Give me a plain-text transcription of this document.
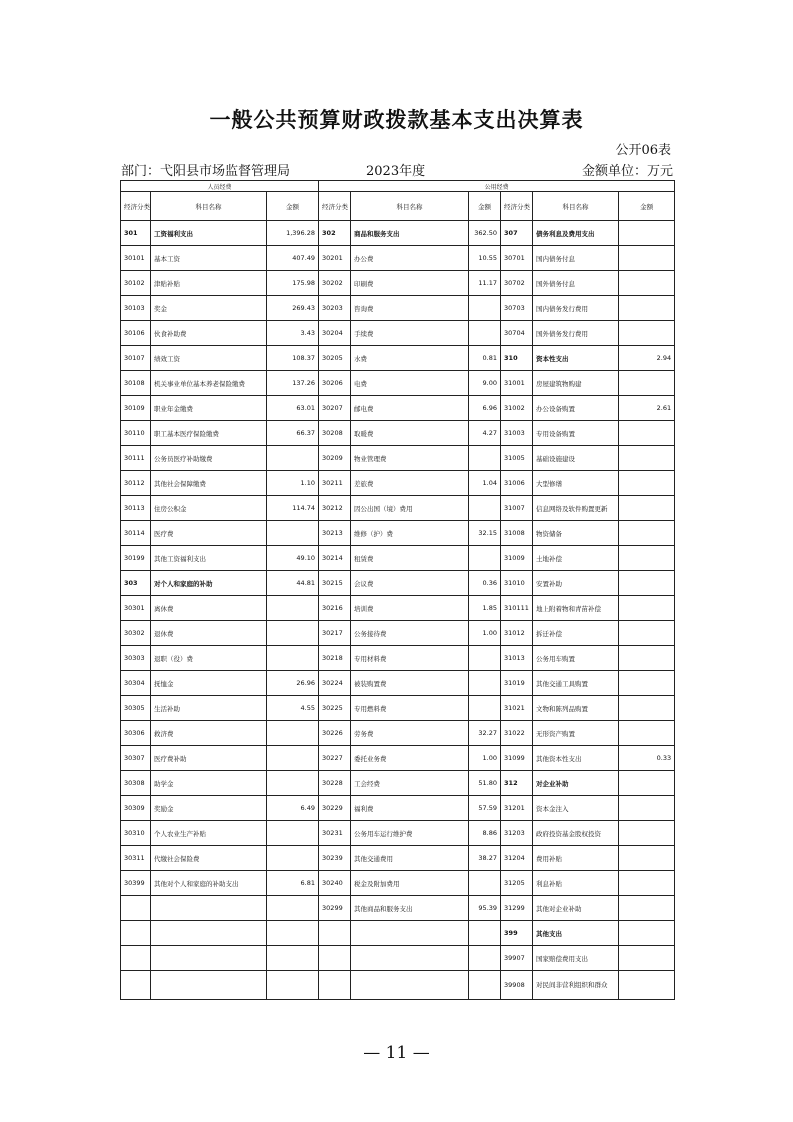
一般公共预算财政拨款基本支出决算表
公开06表
部门：弋阳县市场监督管理局	2023年度	金额单位：万元
人员经费			公用经费					
经济分类	科目名称	金额	经济分类	科目名称	金额	经济分类	科目名称	金额
301	工资福利支出	1,396.28	302	商品和服务支出	362.50	307	债务利息及费用支出	
30101	基本工资	407.49	30201	办公费	10.55	30701	国内债务付息	
30102	津贴补贴	175.98	30202	印刷费	11.17	30702	国外债务付息	
30103	奖金	269.43	30203	咨询费		30703	国内债务发行费用	
30106	伙食补助费	3.43	30204	手续费		30704	国外债务发行费用	
30107	绩效工资	108.37	30205	水费	0.81	310	资本性支出	2.94
30108	机关事业单位基本养老保险缴费	137.26	30206	电费	9.00	31001	房屋建筑物购建	
30109	职业年金缴费	63.01	30207	邮电费	6.96	31002	办公设备购置	2.61
30110	职工基本医疗保险缴费	66.37	30208	取暖费	4.27	31003	专用设备购置	
30111	公务员医疗补助缴费		30209	物业管理费		31005	基础设施建设	
30112	其他社会保障缴费	1.10	30211	差旅费	1.04	31006	大型修缮	
30113	住房公积金	114.74	30212	因公出国（境）费用		31007	信息网络及软件购置更新	
30114	医疗费		30213	维修（护）费	32.15	31008	物资储备	
30199	其他工资福利支出	49.10	30214	租赁费		31009	土地补偿	
303	对个人和家庭的补助	44.81	30215	会议费	0.36	31010	安置补助	
30301	离休费		30216	培训费	1.85	310111	地上附着物和青苗补偿	
30302	退休费		30217	公务接待费	1.00	31012	拆迁补偿	
30303	退职（役）费		30218	专用材料费		31013	公务用车购置	
30304	抚恤金	26.96	30224	被装购置费		31019	其他交通工具购置	
30305	生活补助	4.55	30225	专用燃料费		31021	文物和陈列品购置	
30306	救济费		30226	劳务费	32.27	31022	无形资产购置	
30307	医疗费补助		30227	委托业务费	1.00	31099	其他资本性支出	0.33
30308	助学金		30228	工会经费	51.80	312	对企业补助	
30309	奖励金	6.49	30229	福利费	57.59	31201	资本金注入	
30310	个人农业生产补贴		30231	公务用车运行维护费	8.86	31203	政府投资基金股权投资	
30311	代缴社会保险费		30239	其他交通费用	38.27	31204	费用补贴	
30399	其他对个人和家庭的补助支出	6.81	30240	税金及附加费用		31205	利息补贴	
			30299	其他商品和服务支出	95.39	31299	其他对企业补助	
						399	其他支出	
						39907	国家赔偿费用支出	
						39908	对民间非营利组织和群众	
— 11 —
